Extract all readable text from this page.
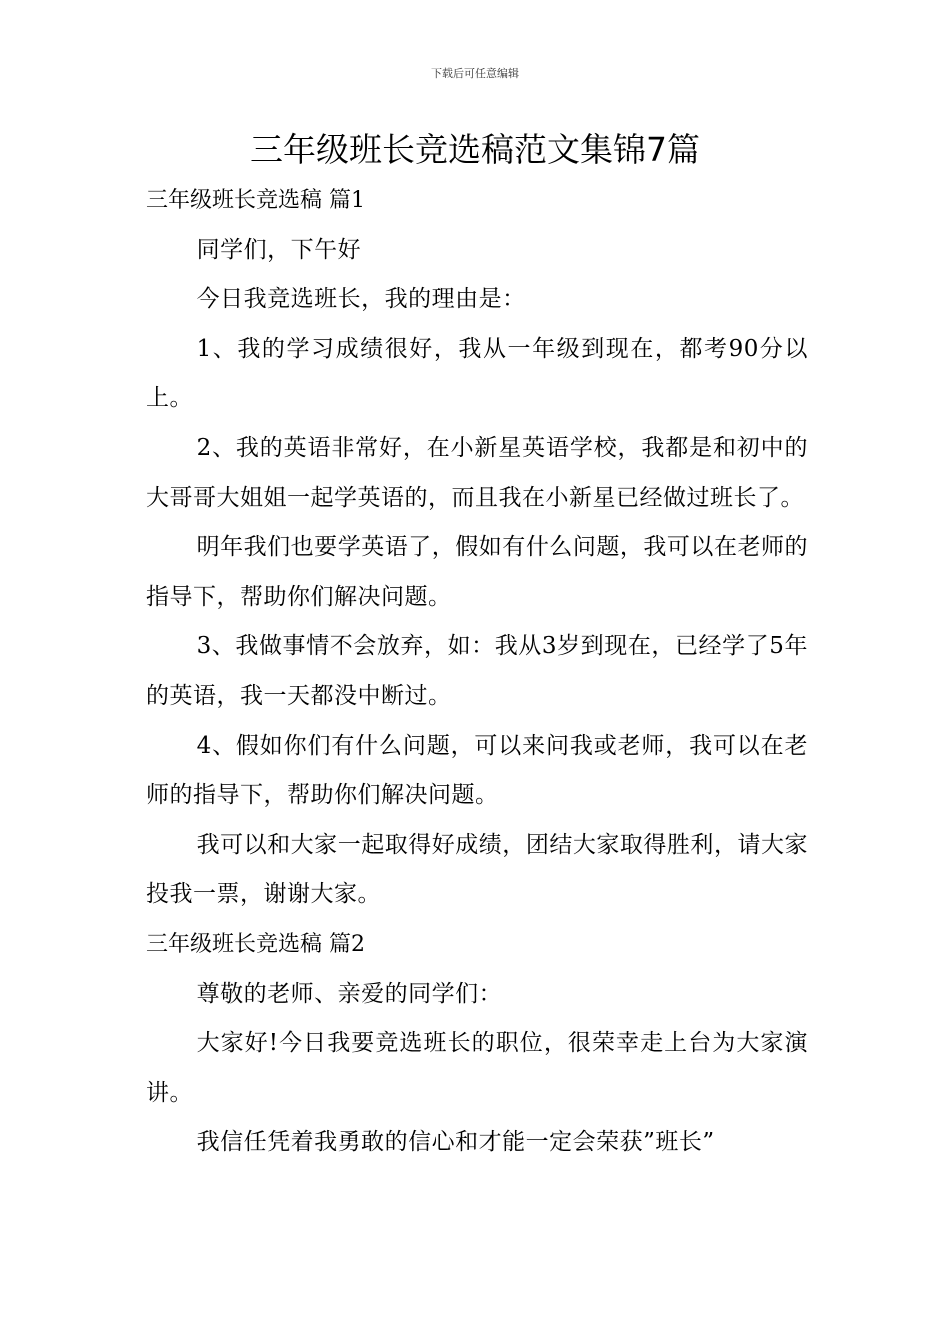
下载后可任意编辑
三年级班长竞选稿范文集锦7篇

三年级班长竞选稿 篇1

同学们，下午好

今日我竞选班长，我的理由是：

1、我的学习成绩很好，我从一年级到现在，都考90分以上。

2、我的英语非常好，在小新星英语学校，我都是和初中的大哥哥大姐姐一起学英语的，而且我在小新星已经做过班长了。

明年我们也要学英语了，假如有什么问题，我可以在老师的指导下，帮助你们解决问题。

3、我做事情不会放弃，如：我从3岁到现在，已经学了5年的英语，我一天都没中断过。

4、假如你们有什么问题，可以来问我或老师，我可以在老师的指导下，帮助你们解决问题。

我可以和大家一起取得好成绩，团结大家取得胜利，请大家投我一票，谢谢大家。

三年级班长竞选稿 篇2

尊敬的老师、亲爱的同学们：

大家好!今日我要竞选班长的职位，很荣幸走上台为大家演讲。

我信任凭着我勇敢的信心和才能一定会荣获”班长”
